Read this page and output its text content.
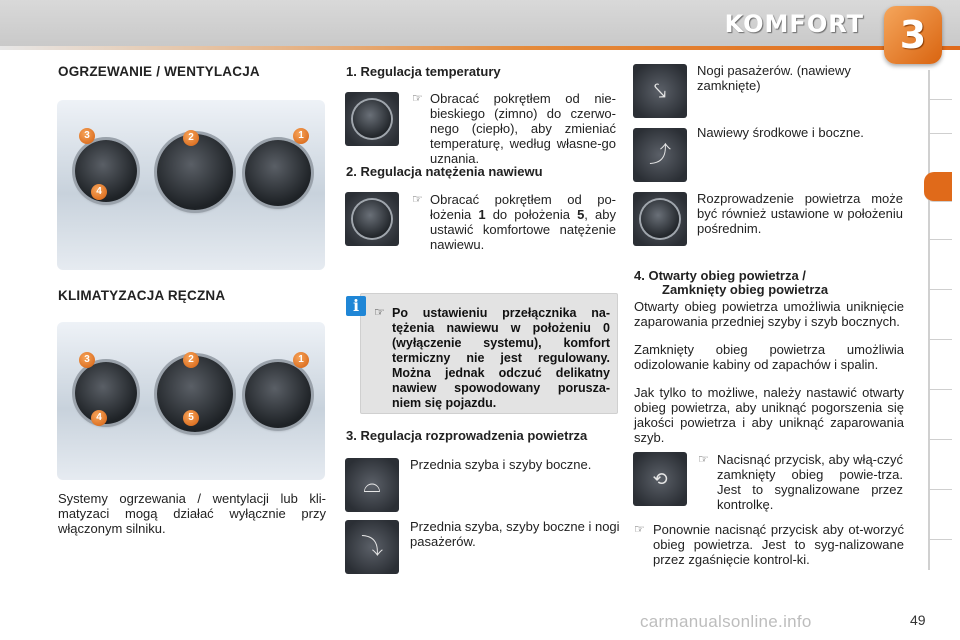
KOMFORT 3
OGRZEWANIE / WENTYLACJA
3	2	1
4
KLIMATYZACJA RĘCZNA
3	2	1
4	5
Systemy ogrzewania / wentylacji lub kli-matyzaci mogą działać wyłącznie przy włączonym silniku.
1. Regulacja temperatury
☞ Obracać pokrętłem od nie-bieskiego (zimno) do czerwo-nego (ciepło), aby zmieniać temperaturę, według własne-go uznania.
2. Regulacja natężenia nawiewu
☞ Obracać pokrętłem od po-łożenia 1 do położenia 5, aby ustawić komfortowe natężenie nawiewu.
i	☞ Po ustawieniu przełącznika na-tężenia nawiewu w położeniu 0 (wyłączenie systemu), komfort termiczny nie jest regulowany. Można jednak odczuć delikatny nawiew spowodowany porusza-niem się pojazdu.
3. Regulacja rozprowadzenia powietrza
⌓
Przednia szyba i szyby boczne.
⤵
Przednia szyba, szyby boczne i nogi pasażerów.
⤥
Nogi pasażerów. (nawiewy zamknięte)
⤴
Nawiewy środkowe i boczne.
Rozprowadzenie powietrza może być również ustawione w położeniu pośrednim.
4. Otwarty obieg powietrza /
Zamknięty obieg powietrza
Otwarty obieg powietrza umożliwia uniknięcie zaparowania przedniej szyby i szyb bocznych.
Zamknięty obieg powietrza umożliwia odizolowanie kabiny od zapachów i spalin.
Jak tylko to możliwe, należy nastawić otwarty obieg powietrza, aby uniknąć pogorszenia się jakości powietrza i aby uniknąć zaparowania szyb.
⟲
☞ Nacisnąć przycisk, aby włą-czyć zamknięty obieg powie-trza. Jest to sygnalizowane przez kontrolkę.
☞ Ponownie nacisnąć przycisk aby ot-worzyć obieg powietrza. Jest to syg-nalizowane przez zgaśnięcie kontrol-ki.
carmanualsonline.info	49
